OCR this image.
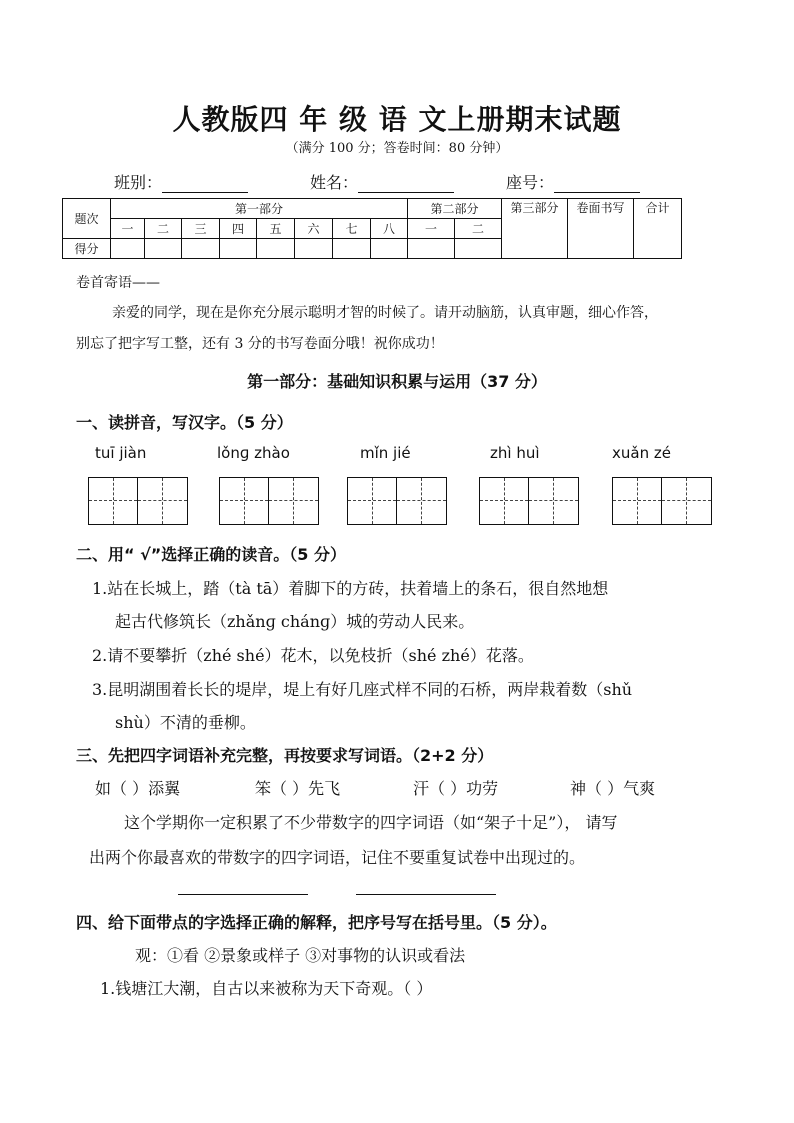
人教版四 年 级 语 文上册期末试题
（满分 100 分；答卷时间：80 分钟）
班别：	姓名：	座号：
题次	第一部分								第二部分		第三部分	卷面书写	合计
	一	二	三	四	五	六	七	八	一	二			
得分													
卷首寄语——
亲爱的同学，现在是你充分展示聪明才智的时候了。请开动脑筋，认真审题，细心作答，
别忘了把字写工整，还有 3 分的书写卷面分哦！祝你成功！
第一部分：基础知识积累与运用（37 分）
一、读拼音，写汉字。（5 分）
tuī jiàn	lǒnɡ zhào	mǐn jié	zhì huì	xuǎn zé
二、用“ √”选择正确的读音。（5 分）
1.站在长城上，踏（tà tā）着脚下的方砖，扶着墙上的条石，很自然地想
起古代修筑长（zhǎnɡ chánɡ）城的劳动人民来。
2.请不要攀折（zhé shé）花木，以免枝折（shé zhé）花落。
3.昆明湖围着长长的堤岸，堤上有好几座式样不同的石桥，两岸栽着数（shǔ
shù）不清的垂柳。
三、先把四字词语补充完整，再按要求写词语。（2+2 分）
如（ ）添翼	笨（ ）先飞	汗（ ）功劳	神（ ）气爽
这个学期你一定积累了不少带数字的四字词语（如“架子十足”）， 请写
出两个你最喜欢的带数字的四字词语，记住不要重复试卷中出现过的。
四、给下面带点的字选择正确的解释，把序号写在括号里。（5 分）。
观：①看 ②景象或样子 ③对事物的认识或看法
1.钱塘江大潮，自古以来被称为天下奇观。（ ）
